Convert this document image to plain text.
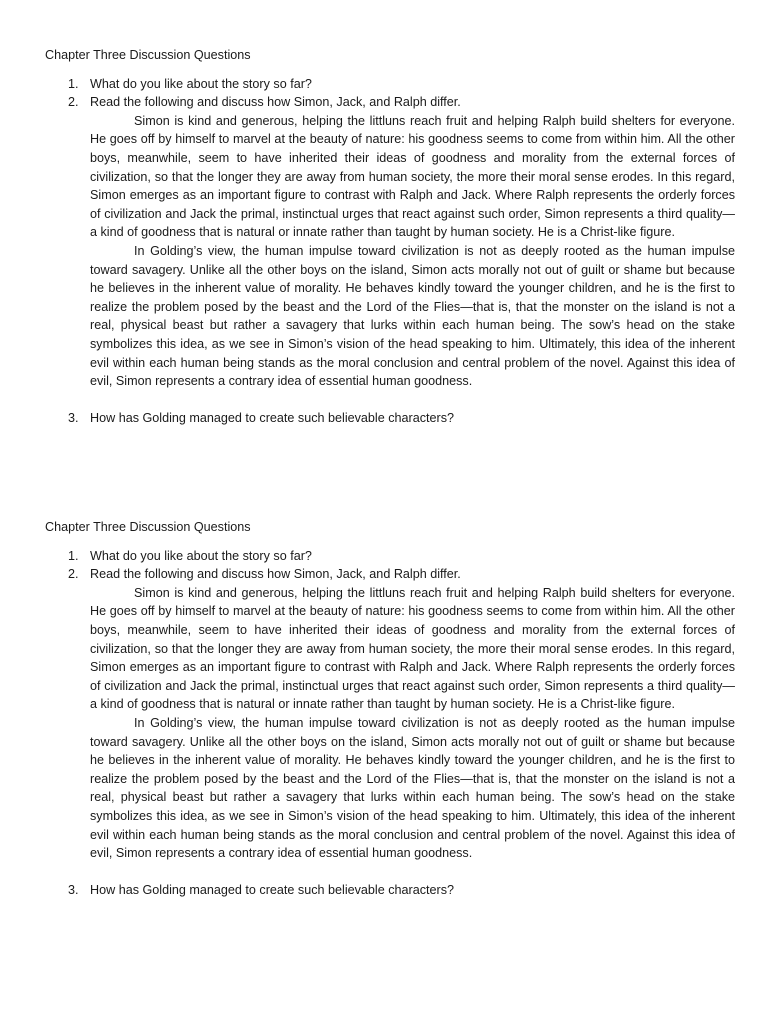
Chapter Three Discussion Questions
1. What do you like about the story so far?
2. Read the following and discuss how Simon, Jack, and Ralph differ.

Simon is kind and generous, helping the littluns reach fruit and helping Ralph build shelters for everyone. He goes off by himself to marvel at the beauty of nature: his goodness seems to come from within him. All the other boys, meanwhile, seem to have inherited their ideas of goodness and morality from the external forces of civilization, so that the longer they are away from human society, the more their moral sense erodes. In this regard, Simon emerges as an important figure to contrast with Ralph and Jack. Where Ralph represents the orderly forces of civilization and Jack the primal, instinctual urges that react against such order, Simon represents a third quality—a kind of goodness that is natural or innate rather than taught by human society. He is a Christ-like figure.

In Golding’s view, the human impulse toward civilization is not as deeply rooted as the human impulse toward savagery. Unlike all the other boys on the island, Simon acts morally not out of guilt or shame but because he believes in the inherent value of morality. He behaves kindly toward the younger children, and he is the first to realize the problem posed by the beast and the Lord of the Flies—that is, that the monster on the island is not a real, physical beast but rather a savagery that lurks within each human being. The sow’s head on the stake symbolizes this idea, as we see in Simon’s vision of the head speaking to him. Ultimately, this idea of the inherent evil within each human being stands as the moral conclusion and central problem of the novel. Against this idea of evil, Simon represents a contrary idea of essential human goodness.

3. How has Golding managed to create such believable characters?
Chapter Three Discussion Questions
1. What do you like about the story so far?
2. Read the following and discuss how Simon, Jack, and Ralph differ.

Simon is kind and generous, helping the littluns reach fruit and helping Ralph build shelters for everyone. He goes off by himself to marvel at the beauty of nature: his goodness seems to come from within him. All the other boys, meanwhile, seem to have inherited their ideas of goodness and morality from the external forces of civilization, so that the longer they are away from human society, the more their moral sense erodes. In this regard, Simon emerges as an important figure to contrast with Ralph and Jack. Where Ralph represents the orderly forces of civilization and Jack the primal, instinctual urges that react against such order, Simon represents a third quality—a kind of goodness that is natural or innate rather than taught by human society. He is a Christ-like figure.

In Golding’s view, the human impulse toward civilization is not as deeply rooted as the human impulse toward savagery. Unlike all the other boys on the island, Simon acts morally not out of guilt or shame but because he believes in the inherent value of morality. He behaves kindly toward the younger children, and he is the first to realize the problem posed by the beast and the Lord of the Flies—that is, that the monster on the island is not a real, physical beast but rather a savagery that lurks within each human being. The sow’s head on the stake symbolizes this idea, as we see in Simon’s vision of the head speaking to him. Ultimately, this idea of the inherent evil within each human being stands as the moral conclusion and central problem of the novel. Against this idea of evil, Simon represents a contrary idea of essential human goodness.

3. How has Golding managed to create such believable characters?
